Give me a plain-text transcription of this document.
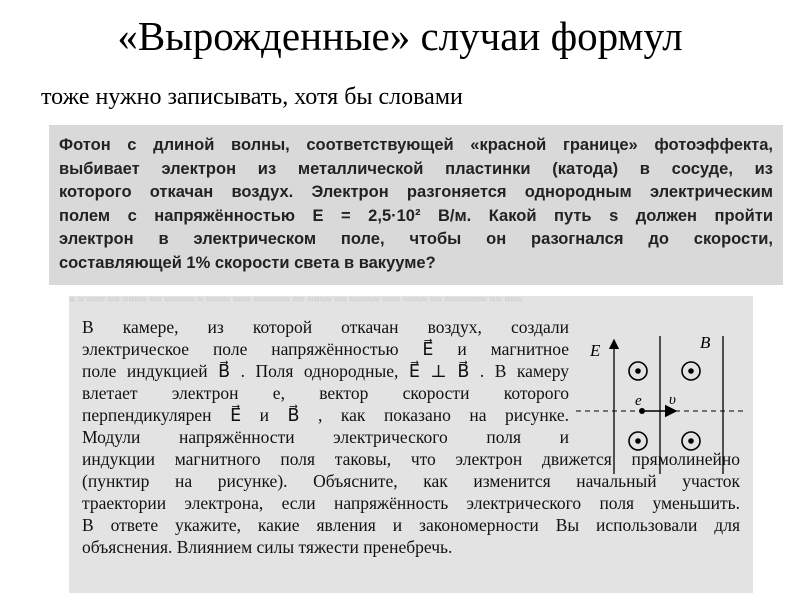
«Вырожденные» случаи формул
тоже нужно записывать, хотя бы словами
Фотон с длиной волны, соответствующей «красной границе» фотоэффекта,
выбивает электрон из металлической пластинки (катода) в сосуде, из
которого откачан воздух. Электрон разгоняется однородным электрическим
полем с напряжённостью E = 2,5·10² В/м. Какой путь s должен пройти
электрон в электрическом поле, чтобы он разогнался до скорости,
составляющей 1% скорости света в вакууме?
≡ ≈ ≈≈≈ ≈≈ ≈≈≈≈ ≈≈ ≈≈≈≈≈ ≈ ≈≈≈≈ ≈≈≈ ≈≈≈≈≈≈ ≈≈ ≈≈≈≈ ≈≈ ≈≈≈≈≈ ≈≈≈ ≈≈≈≈ ≈≈ ≈≈≈≈≈≈≈ ≈≈ ≈≈≈
В камере, из которой откачан воздух, создали
электрическое поле напряжённостью E⃗ и магнитное
поле индукцией B⃗ . Поля однородные, E⃗ ⊥ B⃗ . В камеру
влетает электрон e, вектор скорости которого
перпендикулярен E⃗ и B⃗ , как показано на рисунке.
Модули напряжённости электрического поля и
индукции магнитного поля таковы, что электрон движется прямолинейно
(пунктир на рисунке). Объясните, как изменится начальный участок
траектории электрона, если напряжённость электрического поля уменьшить.
В ответе укажите, какие явления и закономерности Вы использовали для
объяснения. Влиянием силы тяжести пренебречь.
E⃗	B⃗
e υ⃗
